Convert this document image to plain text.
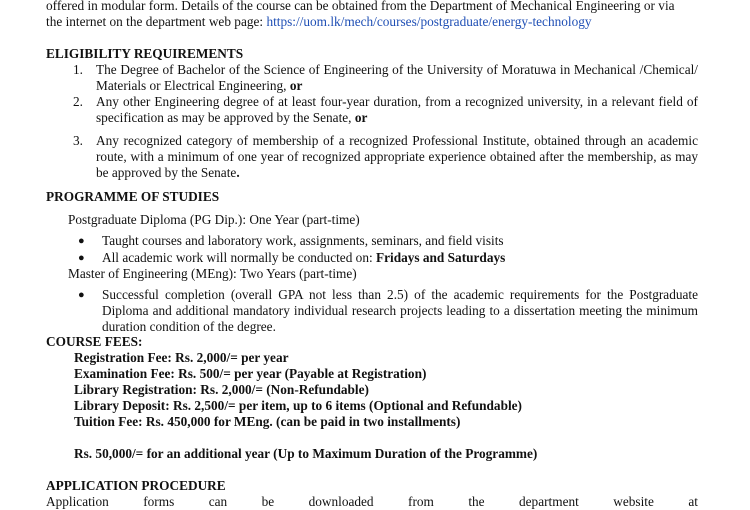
offered in modular form. Details of the course can be obtained from the Department of Mechanical Engineering or via
the internet on the department web page: https://uom.lk/mech/courses/postgraduate/energy-technology
ELIGIBILITY REQUIREMENTS
1. The Degree of Bachelor of the Science of Engineering of the University of Moratuwa in Mechanical /Chemical/ Materials or Electrical Engineering, or
2. Any other Engineering degree of at least four-year duration, from a recognized university, in a relevant field of specification as may be approved by the Senate, or
3. Any recognized category of membership of a recognized Professional Institute, obtained through an academic route, with a minimum of one year of recognized appropriate experience obtained after the membership, as may be approved by the Senate.
PROGRAMME OF STUDIES
Postgraduate Diploma (PG Dip.): One Year (part-time)
● Taught courses and laboratory work, assignments, seminars, and field visits
● All academic work will normally be conducted on: Fridays and Saturdays
Master of Engineering (MEng): Two Years (part-time)
● Successful completion (overall GPA not less than 2.5) of the academic requirements for the Postgraduate Diploma and additional mandatory individual research projects leading to a dissertation meeting the minimum duration condition of the degree.
COURSE FEES:
Registration Fee: Rs. 2,000/= per year
Examination Fee: Rs. 500/= per year (Payable at Registration)
Library Registration: Rs. 2,000/= (Non-Refundable)
Library Deposit: Rs. 2,500/= per item, up to 6 items (Optional and Refundable)
Tuition Fee: Rs. 450,000 for MEng. (can be paid in two installments)
Rs. 50,000/= for an additional year (Up to Maximum Duration of the Programme)
APPLICATION PROCEDURE
Application	forms	can	be	downloaded	from	the	department	website	at
